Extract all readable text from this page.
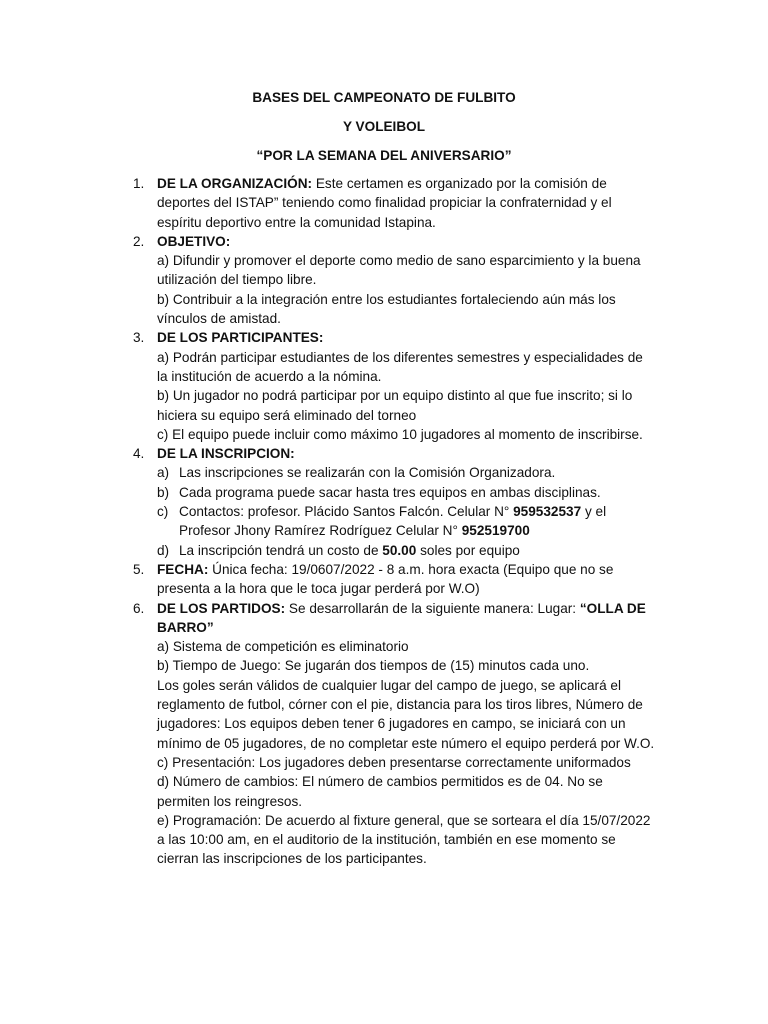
BASES DEL CAMPEONATO DE FULBITO
Y VOLEIBOL
“POR LA SEMANA DEL ANIVERSARIO”
1. DE LA ORGANIZACIÓN: Este certamen es organizado por la comisión de deportes del ISTAP” teniendo como finalidad propiciar la confraternidad y el espíritu deportivo entre la comunidad Istapina.

2. OBJETIVO:

a) Difundir y promover el deporte como medio de sano esparcimiento y la buena utilización del tiempo libre.

b) Contribuir a la integración entre los estudiantes fortaleciendo aún más los vínculos de amistad.

3. DE LOS PARTICIPANTES:

a) Podrán participar estudiantes de los diferentes semestres y especialidades de la institución de acuerdo a la nómina.

b) Un jugador no podrá participar por un equipo distinto al que fue inscrito; si lo hiciera su equipo será eliminado del torneo

c) El equipo puede incluir como máximo 10 jugadores al momento de inscribirse.

4. DE LA INSCRIPCION:

a) Las inscripciones se realizarán con la Comisión Organizadora.
b) Cada programa puede sacar hasta tres equipos en ambas disciplinas.
c) Contactos: profesor. Plácido Santos Falcón. Celular N° 959532537 y el Profesor Jhony Ramírez Rodríguez Celular N° 952519700
d) La inscripción tendrá un costo de 50.00 soles por equipo
5. FECHA: Única fecha: 19/0607/2022 - 8 a.m. hora exacta (Equipo que no se presenta a la hora que le toca jugar perderá por W.O)

6. DE LOS PARTIDOS: Se desarrollarán de la siguiente manera: Lugar: “OLLA DE BARRO”

a) Sistema de competición es eliminatorio

b) Tiempo de Juego: Se jugarán dos tiempos de (15) minutos cada uno.

Los goles serán válidos de cualquier lugar del campo de juego, se aplicará el reglamento de futbol, córner con el pie, distancia para los tiros libres, Número de jugadores: Los equipos deben tener 6 jugadores en campo, se iniciará con un mínimo de 05 jugadores, de no completar este número el equipo perderá por W.O.

c) Presentación: Los jugadores deben presentarse correctamente uniformados

d) Número de cambios: El número de cambios permitidos es de 04. No se permiten los reingresos.

e) Programación: De acuerdo al fixture general, que se sorteara el día 15/07/2022 a las 10:00 am, en el auditorio de la institución, también en ese momento se cierran las inscripciones de los participantes.
